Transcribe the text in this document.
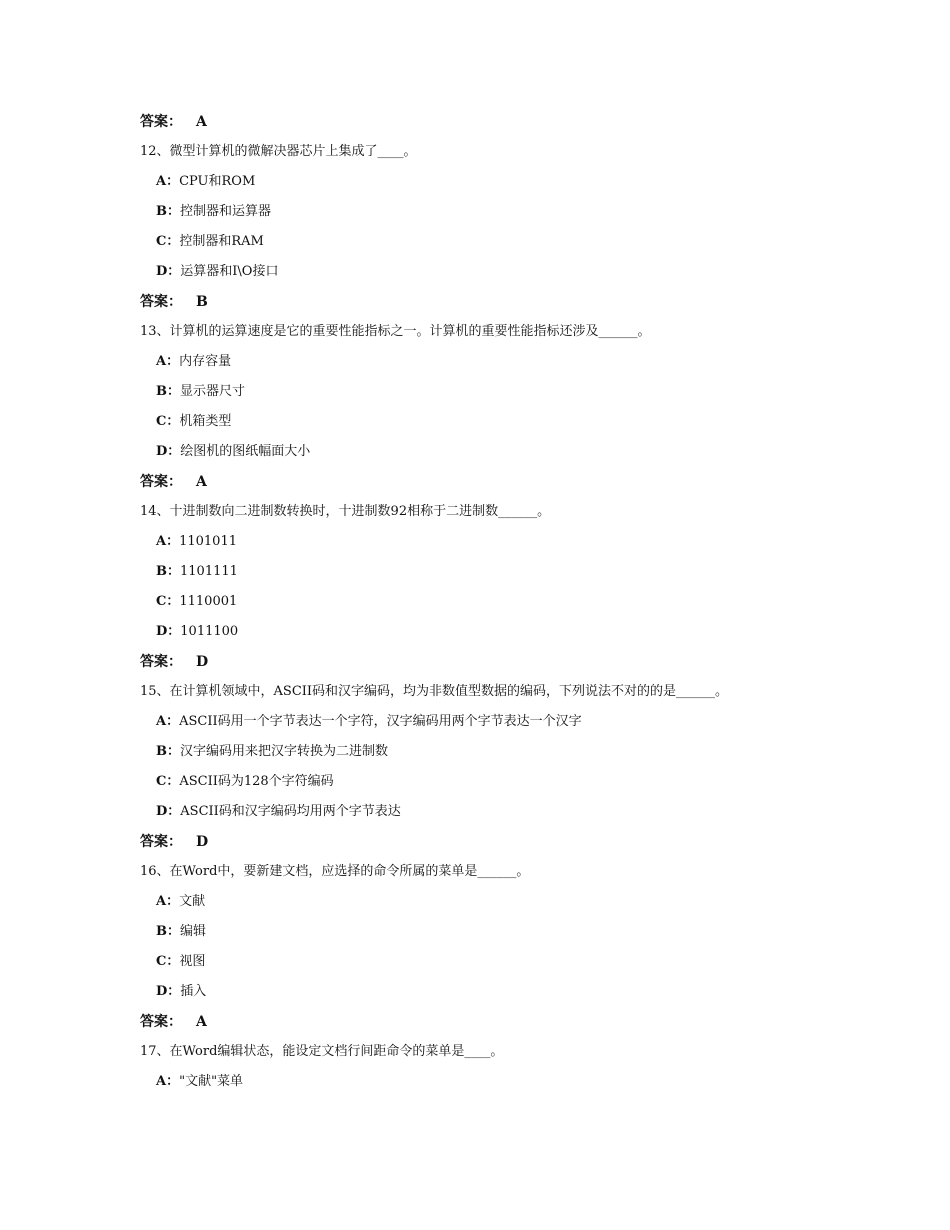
答案： A
12、微型计算机的微解决器芯片上集成了____。
A：CPU和ROM
B：控制器和运算器
C：控制器和RAM
D：运算器和I\O接口
答案： B
13、计算机的运算速度是它的重要性能指标之一。计算机的重要性能指标还涉及______。
A：内存容量
B：显示器尺寸
C：机箱类型
D：绘图机的图纸幅面大小
答案： A
14、十进制数向二进制数转换时，十进制数92相称于二进制数______。
A：1101011
B：1101111
C：1110001
D：1011100
答案： D
15、在计算机领域中，ASCII码和汉字编码，均为非数值型数据的编码，下列说法不对的的是______。
A：ASCII码用一个字节表达一个字符，汉字编码用两个字节表达一个汉字
B：汉字编码用来把汉字转换为二进制数
C：ASCII码为128个字符编码
D：ASCII码和汉字编码均用两个字节表达
答案： D
16、在Word中，要新建文档，应选择的命令所属的菜单是______。
A：文献
B：编辑
C：视图
D：插入
答案： A
17、在Word编辑状态，能设定文档行间距命令的菜单是____。
A："文献"菜单
